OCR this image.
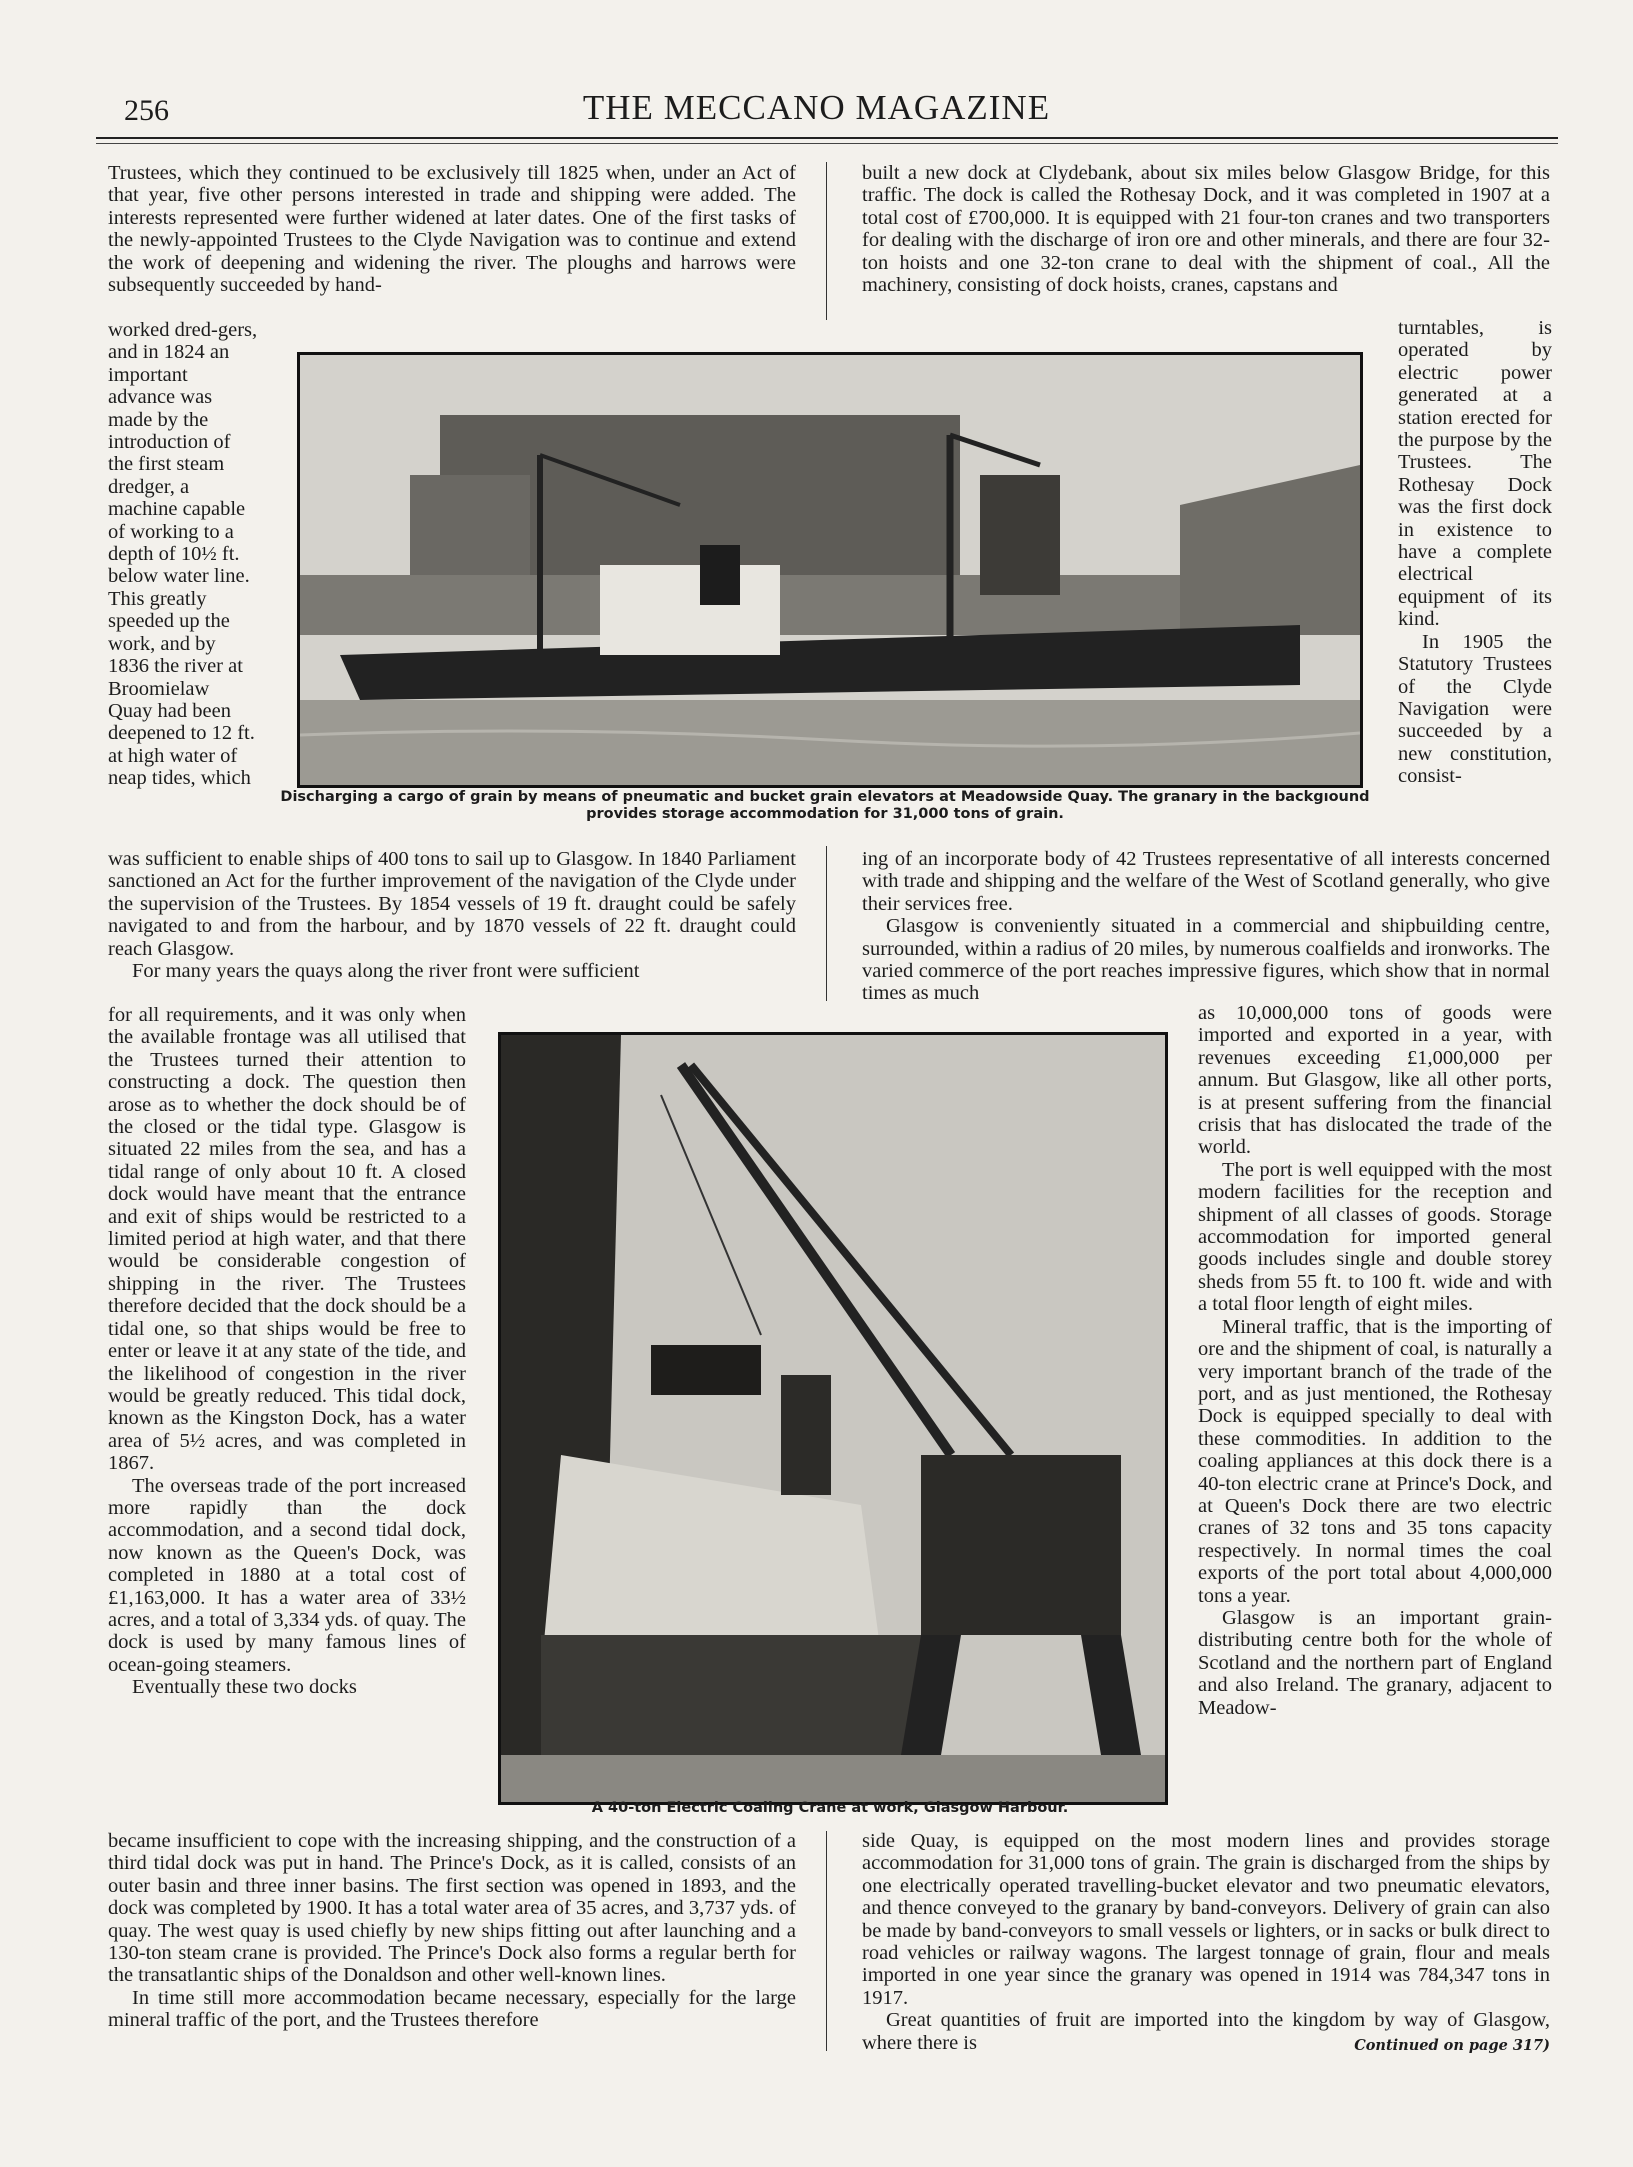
256	THE MECCANO MAGAZINE

Trustees, which they continued to be exclusively till 1825 when, under an Act of that year, five other persons interested in trade and shipping were added. The interests represented were further widened at later dates. One of the first tasks of the newly-appointed Trustees to the Clyde Navigation was to continue and extend the work of deepening and widening the river. The ploughs and harrows were subsequently succeeded by hand-

worked dred-gers, and in 1824 an important advance was made by the introduction of the first steam dredger, a machine capable of working to a depth of 10½ ft. below water line. This greatly speeded up the work, and by 1836 the river at Broomielaw Quay had been deepened to 12 ft. at high water of neap tides, which

Discharging a cargo of grain by means of pneumatic and bucket grain elevators at Meadowside Quay. The granary in the backgıound
provides storage accommodation for 31,000 tons of grain.

built a new dock at Clydebank, about six miles below Glasgow Bridge, for this traffic. The dock is called the Rothesay Dock, and it was completed in 1907 at a total cost of £700,000. It is equipped with 21 four-ton cranes and two transporters for dealing with the discharge of iron ore and other minerals, and there are four 32-ton hoists and one 32-ton crane to deal with the shipment of coal., All the machinery, consisting of dock hoists, cranes, capstans and

turntables, is operated by electric power generated at a station erected for the purpose by the Trustees. The Rothesay Dock was the first dock in existence to have a complete electrical equipment of its kind.

In 1905 the Statutory Trustees of the Clyde Navigation were succeeded by a new constitution, consist-

was sufficient to enable ships of 400 tons to sail up to Glasgow. In 1840 Parliament sanctioned an Act for the further improvement of the navigation of the Clyde under the supervision of the Trustees. By 1854 vessels of 19 ft. draught could be safely navigated to and from the harbour, and by 1870 vessels of 22 ft. draught could reach Glasgow.

For many years the quays along the river front were sufficient

ing of an incorporate body of 42 Trustees representative of all interests concerned with trade and shipping and the welfare of the West of Scotland generally, who give their services free.

Glasgow is conveniently situated in a commercial and shipbuilding centre, surrounded, within a radius of 20 miles, by numerous coalfields and ironworks. The varied commerce of the port reaches impressive figures, which show that in normal times as much

for all requirements, and it was only when the available frontage was all utilised that the Trustees turned their attention to constructing a dock. The question then arose as to whether the dock should be of the closed or the tidal type. Glasgow is situated 22 miles from the sea, and has a tidal range of only about 10 ft. A closed dock would have meant that the entrance and exit of ships would be restricted to a limited period at high water, and that there would be considerable congestion of shipping in the river. The Trustees therefore decided that the dock should be a tidal one, so that ships would be free to enter or leave it at any state of the tide, and the likelihood of congestion in the river would be greatly reduced. This tidal dock, known as the Kingston Dock, has a water area of 5½ acres, and was completed in 1867.

The overseas trade of the port increased more rapidly than the dock accommodation, and a second tidal dock, now known as the Queen's Dock, was completed in 1880 at a total cost of £1,163,000. It has a water area of 33½ acres, and a total of 3,334 yds. of quay. The dock is used by many famous lines of ocean-going steamers.

Eventually these two docks

A 40-ton Electric Coaling Crane at work, Glasgow Harbour.

as 10,000,000 tons of goods were imported and exported in a year, with revenues exceeding £1,000,000 per annum. But Glasgow, like all other ports, is at present suffering from the financial crisis that has dislocated the trade of the world.

The port is well equipped with the most modern facilities for the reception and shipment of all classes of goods. Storage accommodation for imported general goods includes single and double storey sheds from 55 ft. to 100 ft. wide and with a total floor length of eight miles.

Mineral traffic, that is the importing of ore and the shipment of coal, is naturally a very important branch of the trade of the port, and as just mentioned, the Rothesay Dock is equipped specially to deal with these commodities. In addition to the coaling appliances at this dock there is a 40-ton electric crane at Prince's Dock, and at Queen's Dock there are two electric cranes of 32 tons and 35 tons capacity respectively. In normal times the coal exports of the port total about 4,000,000 tons a year.

Glasgow is an important grain-distributing centre both for the whole of Scotland and the northern part of England and also Ireland. The granary, adjacent to Meadow-

became insufficient to cope with the increasing shipping, and the construction of a third tidal dock was put in hand. The Prince's Dock, as it is called, consists of an outer basin and three inner basins. The first section was opened in 1893, and the dock was completed by 1900. It has a total water area of 35 acres, and 3,737 yds. of quay. The west quay is used chiefly by new ships fitting out after launching and a 130-ton steam crane is provided. The Prince's Dock also forms a regular berth for the transatlantic ships of the Donaldson and other well-known lines.

In time still more accommodation became necessary, especially for the large mineral traffic of the port, and the Trustees therefore

side Quay, is equipped on the most modern lines and provides storage accommodation for 31,000 tons of grain. The grain is discharged from the ships by one electrically operated travelling-bucket elevator and two pneumatic elevators, and thence conveyed to the granary by band-conveyors. Delivery of grain can also be made by band-conveyors to small vessels or lighters, or in sacks or bulk direct to road vehicles or railway wagons. The largest tonnage of grain, flour and meals imported in one year since the granary was opened in 1914 was 784,347 tons in 1917.

Great quantities of fruit are imported into the kingdom by way of Glasgow, where there is	Continued on page 317)
